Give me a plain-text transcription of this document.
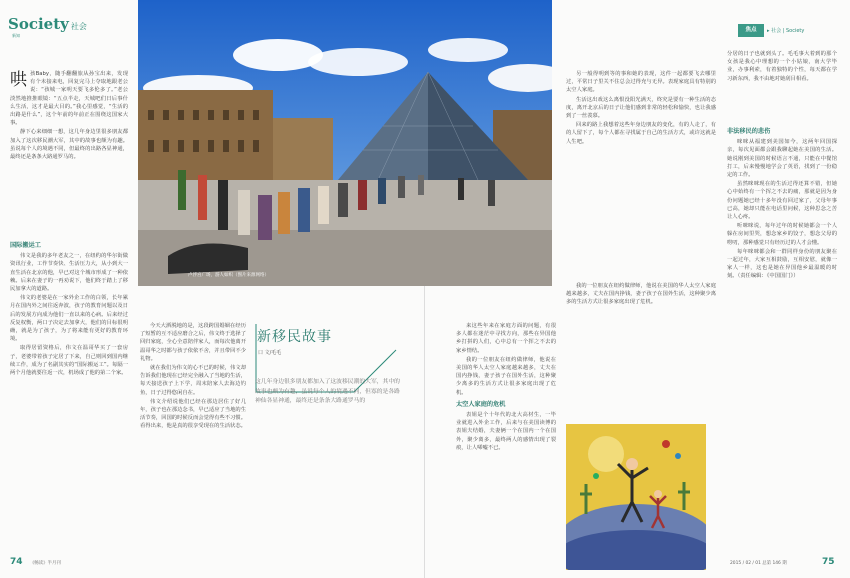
Society 社会
新知
哄 孩Baby，随手翻翻旅从孙宝出来，发现有个未接来电，回复完马上夺取地跟老公说：“孩城一家明天要飞多伦多了。”老公淡然地推推眼镜：“五点半走，天城吧们日后事什么生活，这才是最大目的。”我心里感觉，“生活的出路是什么”，这个年前的年前正在围绕这国家大事。

静下心来细细一想，这几年身边里很多朋友都加入了这次移民潮大军，其中的故事也颇为有趣。虽说每个人的境遇不同，但最终的出路各显神通，最终还是条条大路通罗马的。

国际搬运工

伟文是我的多年老友之一，在纽约的华尔街做资讯行业，工作节奏快、生活压力大，从小到大一直生活在北京的他，早已对这个城市形成了一种依赖。后来在妻子的一再劝说下，他们终于踏上了移民加拿大的道路。

伟文的老婆是在一家外企工作的白领，长年累月在国内外之间往返奔波，孩子的教育问题以及日后的发展方向成为他们一直以来的心病。后来经过反复权衡，两口子决定去加拿大，他们的目标很明确，就是为了孩子，为了将来能有更好的教育环境。

取得居留资格后，伟文在温哥华买了一套房子，老婆带着孩子定居了下来，自己则回到国内继续工作，成为了名副其实的“国际搬运工”。每隔一两个月他就要往返一次，机场成了他的第二个家。

卢浮宫广场，游人如织（图片来源网络）

今天大洒脱地的是，这段跨国婚姻在经历了短暂的互不适应磨合之后，伟文终于选择了回归家庭，全心全意陪伴家人，而每次他离开温哥华之时都与孩子依依不舍，并且带回不少礼物。

就在我们为伟文的心不已的时候，伟文却告诉我们他现在已经完全融入了当地的生活，每天接送孩子上下学，周末陪家人去海边钓鱼，日子过得悠闲自在。

伟文介绍说他们已经在那边居住了好几年，孩子也在那边念书，早已适应了当地的生活节奏，回国的时候反而会觉得有些不习惯。看得出来，他是真的很享受现在的生活状态。

新移民故事
口 文/毛毛
这几年身边很多朋友都加入了这波移民潮的大军，其中的故事也颇为有趣，虽说每个人的境遇不同，但寡的是各路神仙各显神通，最终还是条条大路通罗马的
74 《畅读》半月刊
焦点	▸ 社会 | Society

另一般得明到等的事和她的表现，这件一起都要飞去哪里过，平常日子里关不住总会过得充与无异。表现家庭具有特别的太空人家庭。

生活这出戏这么离恨没阳光满天，终究是要有一种生活的态度，离开北京后的日子让他们感到非常的轻松和愉快，也让我感到了一丝羡慕。

回来的路上我想着这些年身边朋友的变化，有的人走了，有的人留下了，每个人都在寻找属于自己的生活方式，或许这就是人生吧。

来这些年来在家庭方面的问题，有很多人都在迷茫中寻找方向，那些在异国他乡打拼的人们，心中总有一个挥之不去的家乡情结。

我的一位朋友在纽约做律师，他说在美国的华人太空人家庭越来越多，丈夫在国内挣钱，妻子孩子在国外生活，这种聚少离多的生活方式让很多家庭出现了危机。

太空人家庭的危机

表姐是个十年代的北大高材生，一毕业就进入外企工作，后来与在美国读博的表姐夫结婚，夫妻俩一个在国内一个在国外，聚少离多，最终两人的感情出现了裂痕，让人唏嘘不已。

我的一位朋友在纽约做律师，他说在美国的华人太空人家庭越来越多，丈夫在国内挣钱，妻子孩子在国外生活，这种聚少离多的生活方式让很多家庭出现了危机。

分居的日子也就到头了。毛毛事大着到的那个女孩是我心中理想的一个小姑娘，南大学毕业，办事利索，有着独特的个性，每天都在学习新东西，我不由地对她刮目相看。

非法移民的悲伤

咪咪从福建到美国如今，这两年回国探亲，每次见面都会跟我聊起她在美国的生活。她说刚到美国的时候语言不通，只能在中餐馆打工，后来慢慢地学会了英语，找到了一份稳定的工作。

虽然咪咪现在的生活过得还算不错，但她心中始终有一个挥之不去的痛，那就是因为身份问题她已经十多年没有回过家了，父母年事已高，她却只能在电话里问候，这种思念之苦让人心疼。

听咪咪说，每年过年的时候她都会一个人躲在房间里哭，想念家乡的饺子，想念父母的唠叨，那种感觉只有经历过的人才会懂。

每年咪咪都会和一群同样身份的朋友聚在一起过年，大家互相鼓励，互相安慰，就像一家人一样，这也是她在异国他乡最温暖的时刻。（责任编辑：《中国国门》）

2015 / 02 / 01 总第 146 期	75
